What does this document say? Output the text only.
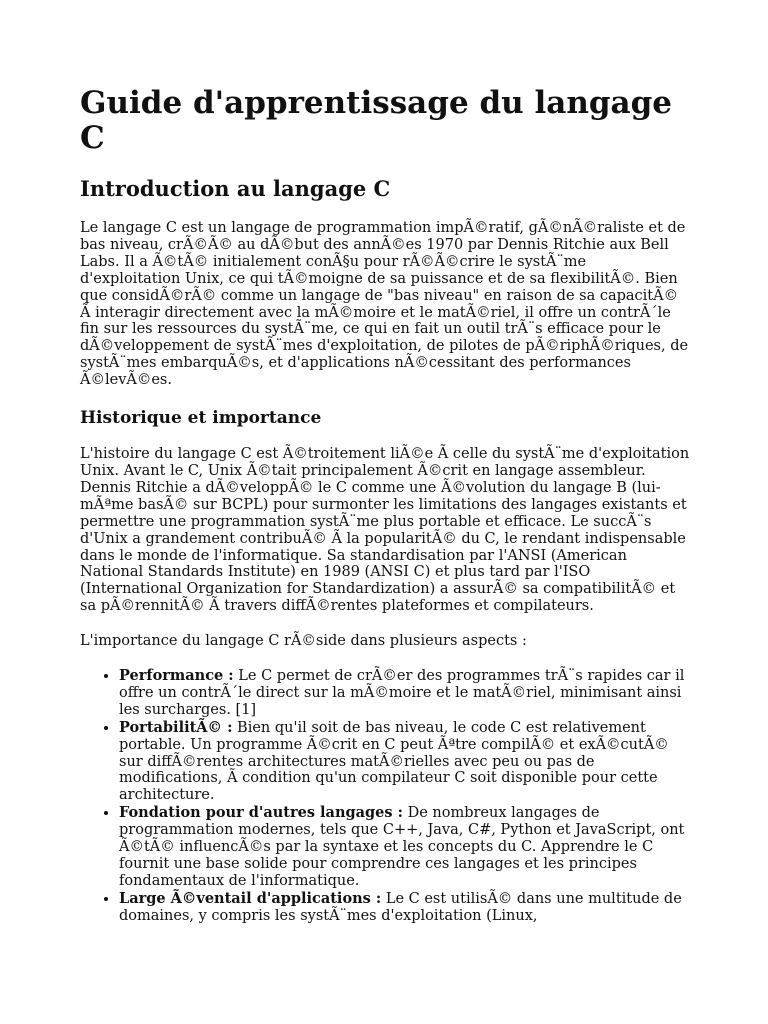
Guide d'apprentissage du langage C
Introduction au langage C

Le langage C est un langage de programmation impÃ©ratif, gÃ©nÃ©raliste et de bas niveau, crÃ©Ã© au dÃ©but des annÃ©es 1970 par Dennis Ritchie aux Bell Labs. Il a Ã©tÃ© initialement conÃ§u pour rÃ©Ã©crire le systÃ¨me d'exploitation Unix, ce qui tÃ©moigne de sa puissance et de sa flexibilitÃ©. Bien que considÃ©rÃ© comme un langage de "bas niveau" en raison de sa capacitÃ© Ã interagir directement avec la mÃ©moire et le matÃ©riel, il offre un contrÃ´le fin sur les ressources du systÃ¨me, ce qui en fait un outil trÃ¨s efficace pour le dÃ©veloppement de systÃ¨mes d'exploitation, de pilotes de pÃ©riphÃ©riques, de systÃ¨mes embarquÃ©s, et d'applications nÃ©cessitant des performances Ã©levÃ©es.

Historique et importance

L'histoire du langage C est Ã©troitement liÃ©e Ã celle du systÃ¨me d'exploitation Unix. Avant le C, Unix Ã©tait principalement Ã©crit en langage assembleur. Dennis Ritchie a dÃ©veloppÃ© le C comme une Ã©volution du langage B (lui-mÃªme basÃ© sur BCPL) pour surmonter les limitations des langages existants et permettre une programmation systÃ¨me plus portable et efficace. Le succÃ¨s d'Unix a grandement contribuÃ© Ã la popularitÃ© du C, le rendant indispensable dans le monde de l'informatique. Sa standardisation par l'ANSI (American National Standards Institute) en 1989 (ANSI C) et plus tard par l'ISO (International Organization for Standardization) a assurÃ© sa compatibilitÃ© et sa pÃ©rennitÃ© Ã travers diffÃ©rentes plateformes et compilateurs.

L'importance du langage C rÃ©side dans plusieurs aspects :

• Performance : Le C permet de crÃ©er des programmes trÃ¨s rapides car il offre un contrÃ´le direct sur la mÃ©moire et le matÃ©riel, minimisant ainsi les surcharges. [1]
• PortabilitÃ© : Bien qu'il soit de bas niveau, le code C est relativement portable. Un programme Ã©crit en C peut Ãªtre compilÃ© et exÃ©cutÃ© sur diffÃ©rentes architectures matÃ©rielles avec peu ou pas de modifications, Ã condition qu'un compilateur C soit disponible pour cette architecture.
• Fondation pour d'autres langages : De nombreux langages de programmation modernes, tels que C++, Java, C#, Python et JavaScript, ont Ã©tÃ© influencÃ©s par la syntaxe et les concepts du C. Apprendre le C fournit une base solide pour comprendre ces langages et les principes fondamentaux de l'informatique.
• Large Ã©ventail d'applications : Le C est utilisÃ© dans une multitude de domaines, y compris les systÃ¨mes d'exploitation (Linux,
